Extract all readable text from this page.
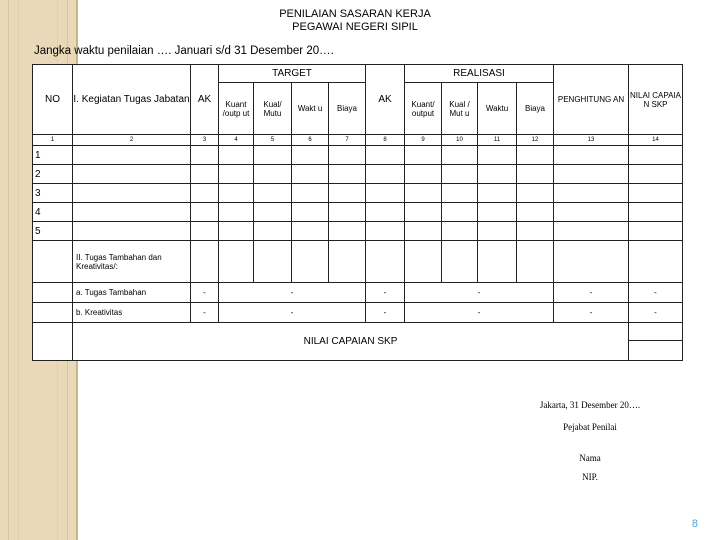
PENILAIAN SASARAN KERJA
PEGAWAI NEGERI SIPIL
Jangka waktu penilaian …. Januari s/d 31 Desember 20….
NO	I. Kegiatan Tugas Jabatan	AK	TARGET				AK	REALISASI				PENGHITUNG AN	NILAI CAPAIA N SKP
			Kuant /outp ut	Kual/ Mutu	Wakt u	Biaya		Kuant/ output	Kual / Mut u	Waktu	Biaya		
1	2	3	4	5	6	7	8	9	10	11	12	13	14
1													
2													
3													
4													
5													
	II. Tugas Tambahan dan Kreativitas/:												
	a. Tugas Tambahan	-	-				-	-				-	-
	b. Kreativitas	-	-				-	-				-	-
	NILAI CAPAIAN SKP												

Jakarta, 31 Desember 20….
Pejabat Penilai
Nama
NIP.
8
